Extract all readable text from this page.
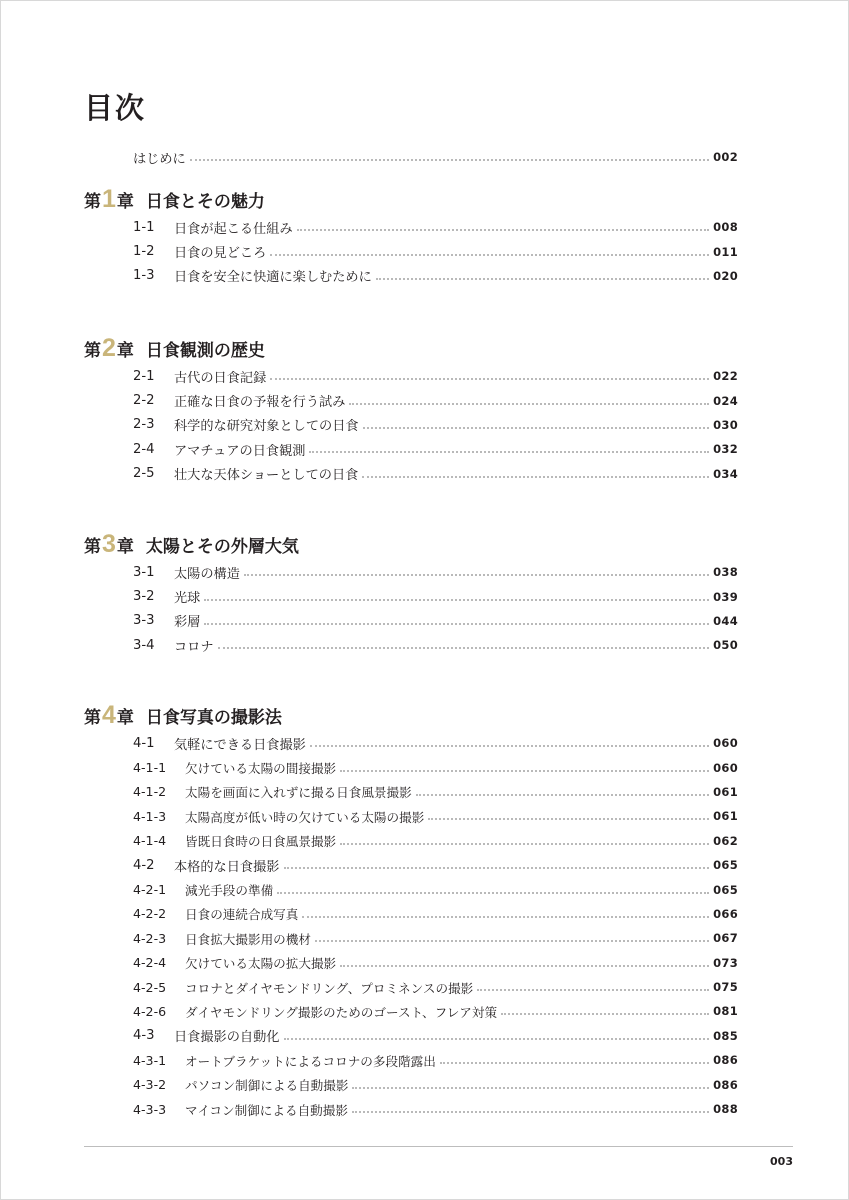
目次
はじめに	002
第 1 章 日食とその魅力
1-1	日食が起こる仕組み	008
1-2	日食の見どころ	011
1-3	日食を安全に快適に楽しむために	020
第 2 章 日食観測の歴史
2-1	古代の日食記録	022
2-2	正確な日食の予報を行う試み	024
2-3	科学的な研究対象としての日食	030
2-4	アマチュアの日食観測	032
2-5	壮大な天体ショーとしての日食	034
第 3 章 太陽とその外層大気
3-1	太陽の構造	038
3-2	光球	039
3-3	彩層	044
3-4	コロナ	050
第 4 章 日食写真の撮影法
4-1	気軽にできる日食撮影	060
4-1-1	欠けている太陽の間接撮影	060
4-1-2	太陽を画面に入れずに撮る日食風景撮影	061
4-1-3	太陽高度が低い時の欠けている太陽の撮影	061
4-1-4	皆既日食時の日食風景撮影	062
4-2	本格的な日食撮影	065
4-2-1	減光手段の準備	065
4-2-2	日食の連続合成写真	066
4-2-3	日食拡大撮影用の機材	067
4-2-4	欠けている太陽の拡大撮影	073
4-2-5	コロナとダイヤモンドリング、プロミネンスの撮影	075
4-2-6	ダイヤモンドリング撮影のためのゴースト、フレア対策	081
4-3	日食撮影の自動化	085
4-3-1	オートブラケットによるコロナの多段階露出	086
4-3-2	パソコン制御による自動撮影	086
4-3-3	マイコン制御による自動撮影	088
003
